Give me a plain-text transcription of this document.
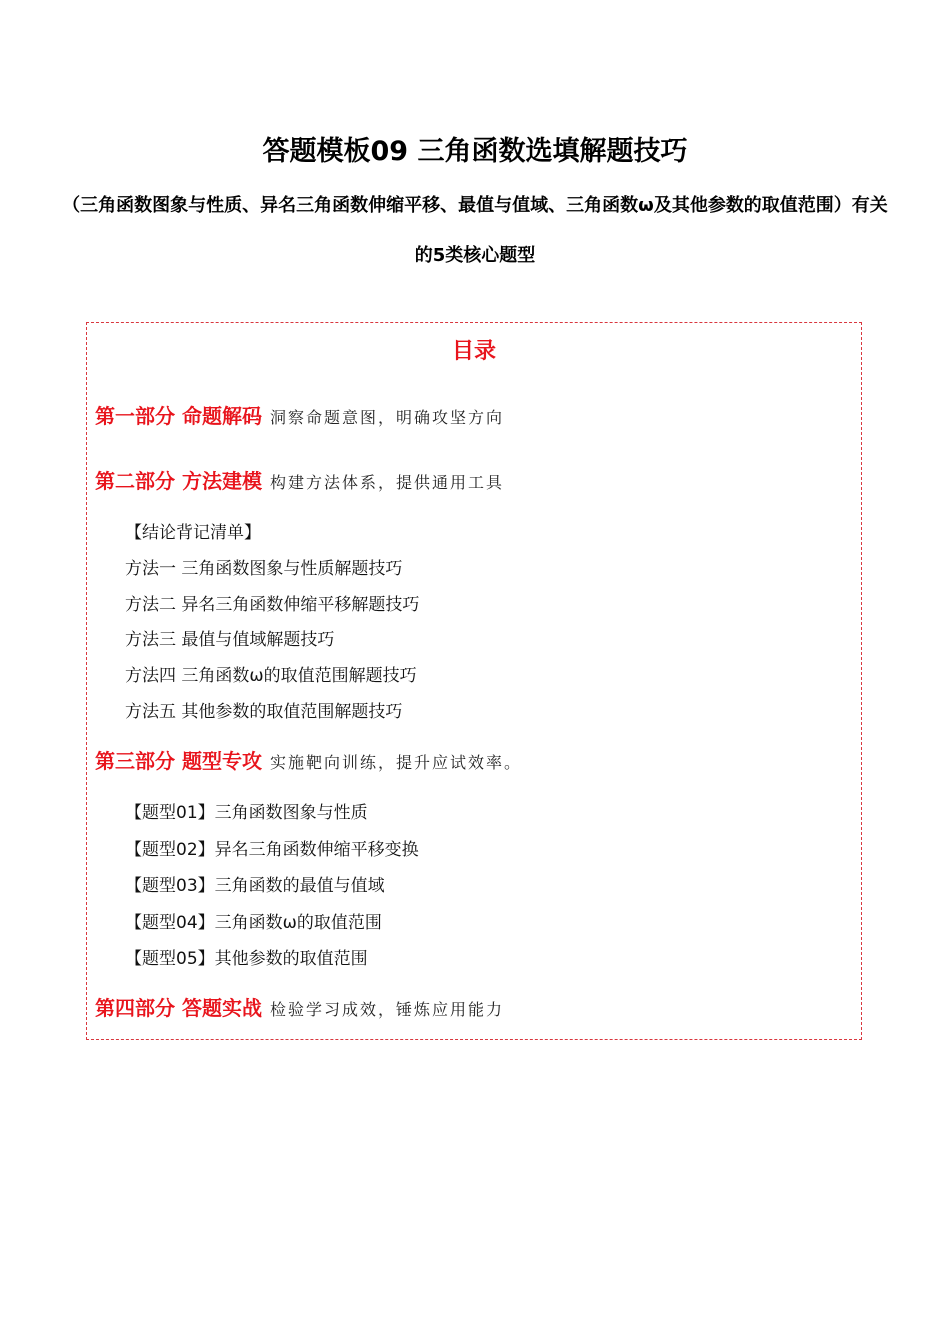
答题模板09 三角函数选填解题技巧
（三角函数图象与性质、异名三角函数伸缩平移、最值与值域、三角函数ω及其他参数的取值范围）有关的5类核心题型
目录
第一部分 命题解码 洞察命题意图，明确攻坚方向
第二部分 方法建模 构建方法体系，提供通用工具
【结论背记清单】
方法一 三角函数图象与性质解题技巧
方法二 异名三角函数伸缩平移解题技巧
方法三 最值与值域解题技巧
方法四 三角函数ω的取值范围解题技巧
方法五 其他参数的取值范围解题技巧
第三部分 题型专攻 实施靶向训练，提升应试效率。
【题型01】三角函数图象与性质
【题型02】异名三角函数伸缩平移变换
【题型03】三角函数的最值与值域
【题型04】三角函数ω的取值范围
【题型05】其他参数的取值范围
第四部分 答题实战 检验学习成效，锤炼应用能力
